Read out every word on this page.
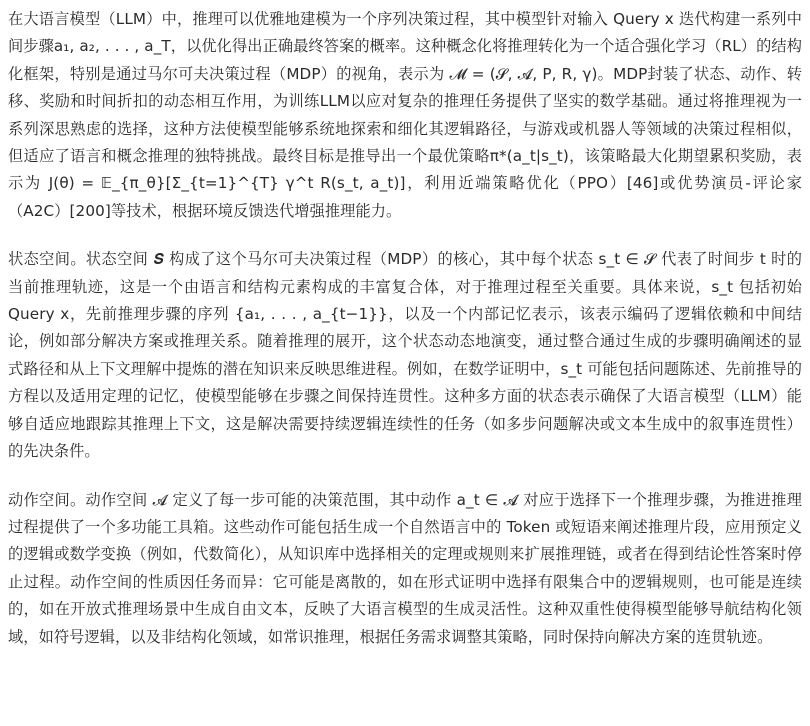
在大语言模型（LLM）中，推理可以优雅地建模为一个序列决策过程，其中模型针对输入 Query x 迭代构建一系列中间步骤a₁, a₂, . . . , a_T，以优化得出正确最终答案的概率。这种概念化将推理转化为一个适合强化学习（RL）的结构化框架，特别是通过马尔可夫决策过程（MDP）的视角，表示为 𝓜 = (𝓢, 𝓐, P, R, γ)。MDP封装了状态、动作、转移、奖励和时间折扣的动态相互作用，为训练LLM以应对复杂的推理任务提供了坚实的数学基础。通过将推理视为一系列深思熟虑的选择，这种方法使模型能够系统地探索和细化其逻辑路径，与游戏或机器人等领域的决策过程相似，但适应了语言和概念推理的独特挑战。最终目标是推导出一个最优策略π*(a_t|s_t)，该策略最大化期望累积奖励，表示为 J(θ) = 𝔼_{π_θ}[Σ_{t=1}^{T} γ^t R(s_t, a_t)]，利用近端策略优化（PPO）[46]或优势演员-评论家（A2C）[200]等技术，根据环境反馈迭代增强推理能力。

状态空间。状态空间 𝑺 构成了这个马尔可夫决策过程（MDP）的核心，其中每个状态 s_t ∈ 𝓢 代表了时间步 t 时的当前推理轨迹，这是一个由语言和结构元素构成的丰富复合体，对于推理过程至关重要。具体来说，s_t 包括初始 Query x，先前推理步骤的序列 {a₁, . . . , a_{t−1}}，以及一个内部记忆表示，该表示编码了逻辑依赖和中间结论，例如部分解决方案或推理关系。随着推理的展开，这个状态动态地演变，通过整合通过生成的步骤明确阐述的显式路径和从上下文理解中提炼的潜在知识来反映思维进程。例如，在数学证明中，s_t 可能包括问题陈述、先前推导的方程以及适用定理的记忆，使模型能够在步骤之间保持连贯性。这种多方面的状态表示确保了大语言模型（LLM）能够自适应地跟踪其推理上下文，这是解决需要持续逻辑连续性的任务（如多步问题解决或文本生成中的叙事连贯性）的先决条件。

动作空间。动作空间 𝓐 定义了每一步可能的决策范围，其中动作 a_t ∈ 𝓐 对应于选择下一个推理步骤，为推进推理过程提供了一个多功能工具箱。这些动作可能包括生成一个自然语言中的 Token 或短语来阐述推理片段，应用预定义的逻辑或数学变换（例如，代数简化），从知识库中选择相关的定理或规则来扩展推理链，或者在得到结论性答案时停止过程。动作空间的性质因任务而异：它可能是离散的，如在形式证明中选择有限集合中的逻辑规则，也可能是连续的，如在开放式推理场景中生成自由文本，反映了大语言模型的生成灵活性。这种双重性使得模型能够导航结构化领域，如符号逻辑，以及非结构化领域，如常识推理，根据任务需求调整其策略，同时保持向解决方案的连贯轨迹。
